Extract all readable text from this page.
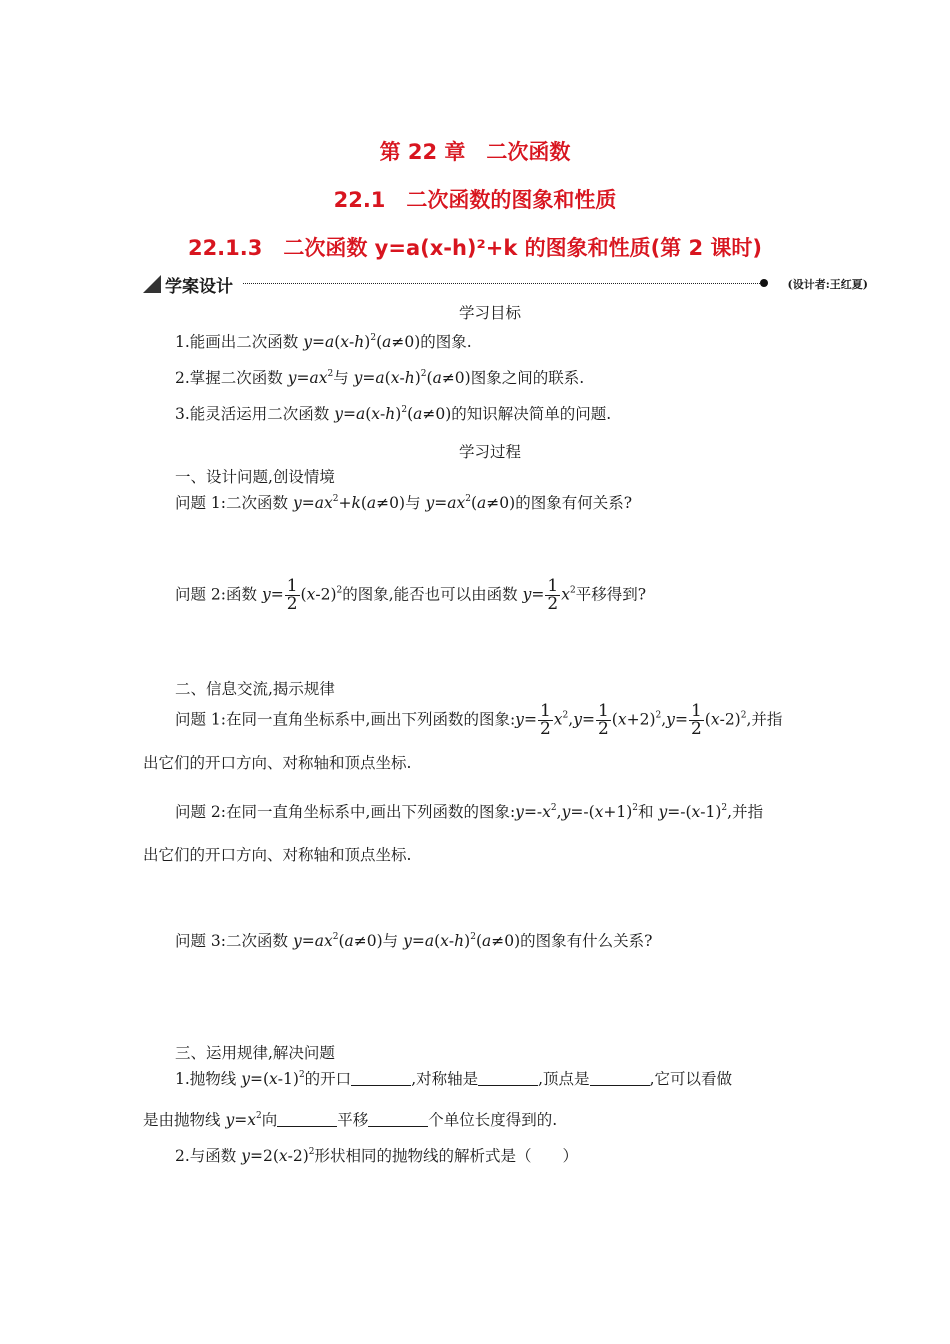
第 22 章　二次函数
22.1　二次函数的图象和性质
22.1.3　二次函数 y=a(x-h)²+k 的图象和性质(第 2 课时)
学案设计	(设计者:王红夏)
学习目标
1.能画出二次函数 $y=a(x-h)^2(a\ne 0)$的图象.
2.掌握二次函数 $y=ax^2$与 $y=a(x-h)^2(a\ne 0)$图象之间的联系.
3.能灵活运用二次函数 $y=a(x-h)^2(a\ne 0)$的知识解决简单的问题.
学习过程
一、设计问题,创设情境
问题 1:二次函数 $y=ax^2+k(a\ne 0)$与 $y=ax^2(a\ne 0)$的图象有何关系?
问题 2:函数 $y= \frac{1}{2} (x-2)^2$的图象,能否也可以由函数 $y= \frac{1}{2} x^2$平移得到?
二、信息交流,揭示规律
问题 1:在同一直角坐标系中,画出下列函数的图象:y= $\frac{1}{2} x^2,y= \frac{1}{2} (x+2)^2,y= \frac{1}{2} (x-2)^2$,并指
出它们的开口方向、对称轴和顶点坐标.
问题 2:在同一直角坐标系中,画出下列函数的图象$:y=-x^2,y=-(x+1)^2$和 $y=-(x-1)^2$,并指
出它们的开口方向、对称轴和顶点坐标.
问题 3:二次函数 $y=ax^2(a\ne 0)$与 $y=a(x-h)^2(a\ne 0)$的图象有什么关系?
三、运用规律,解决问题
1.抛物线 $y=(x-1)^2$的开口	,对称轴是	,顶点是	,它可以看做
是由抛物线 $y=x^2$向	平移	个单位长度得到的.
2.与函数 $y=2(x-2)^2$形状相同的抛物线的解析式是（　　）
